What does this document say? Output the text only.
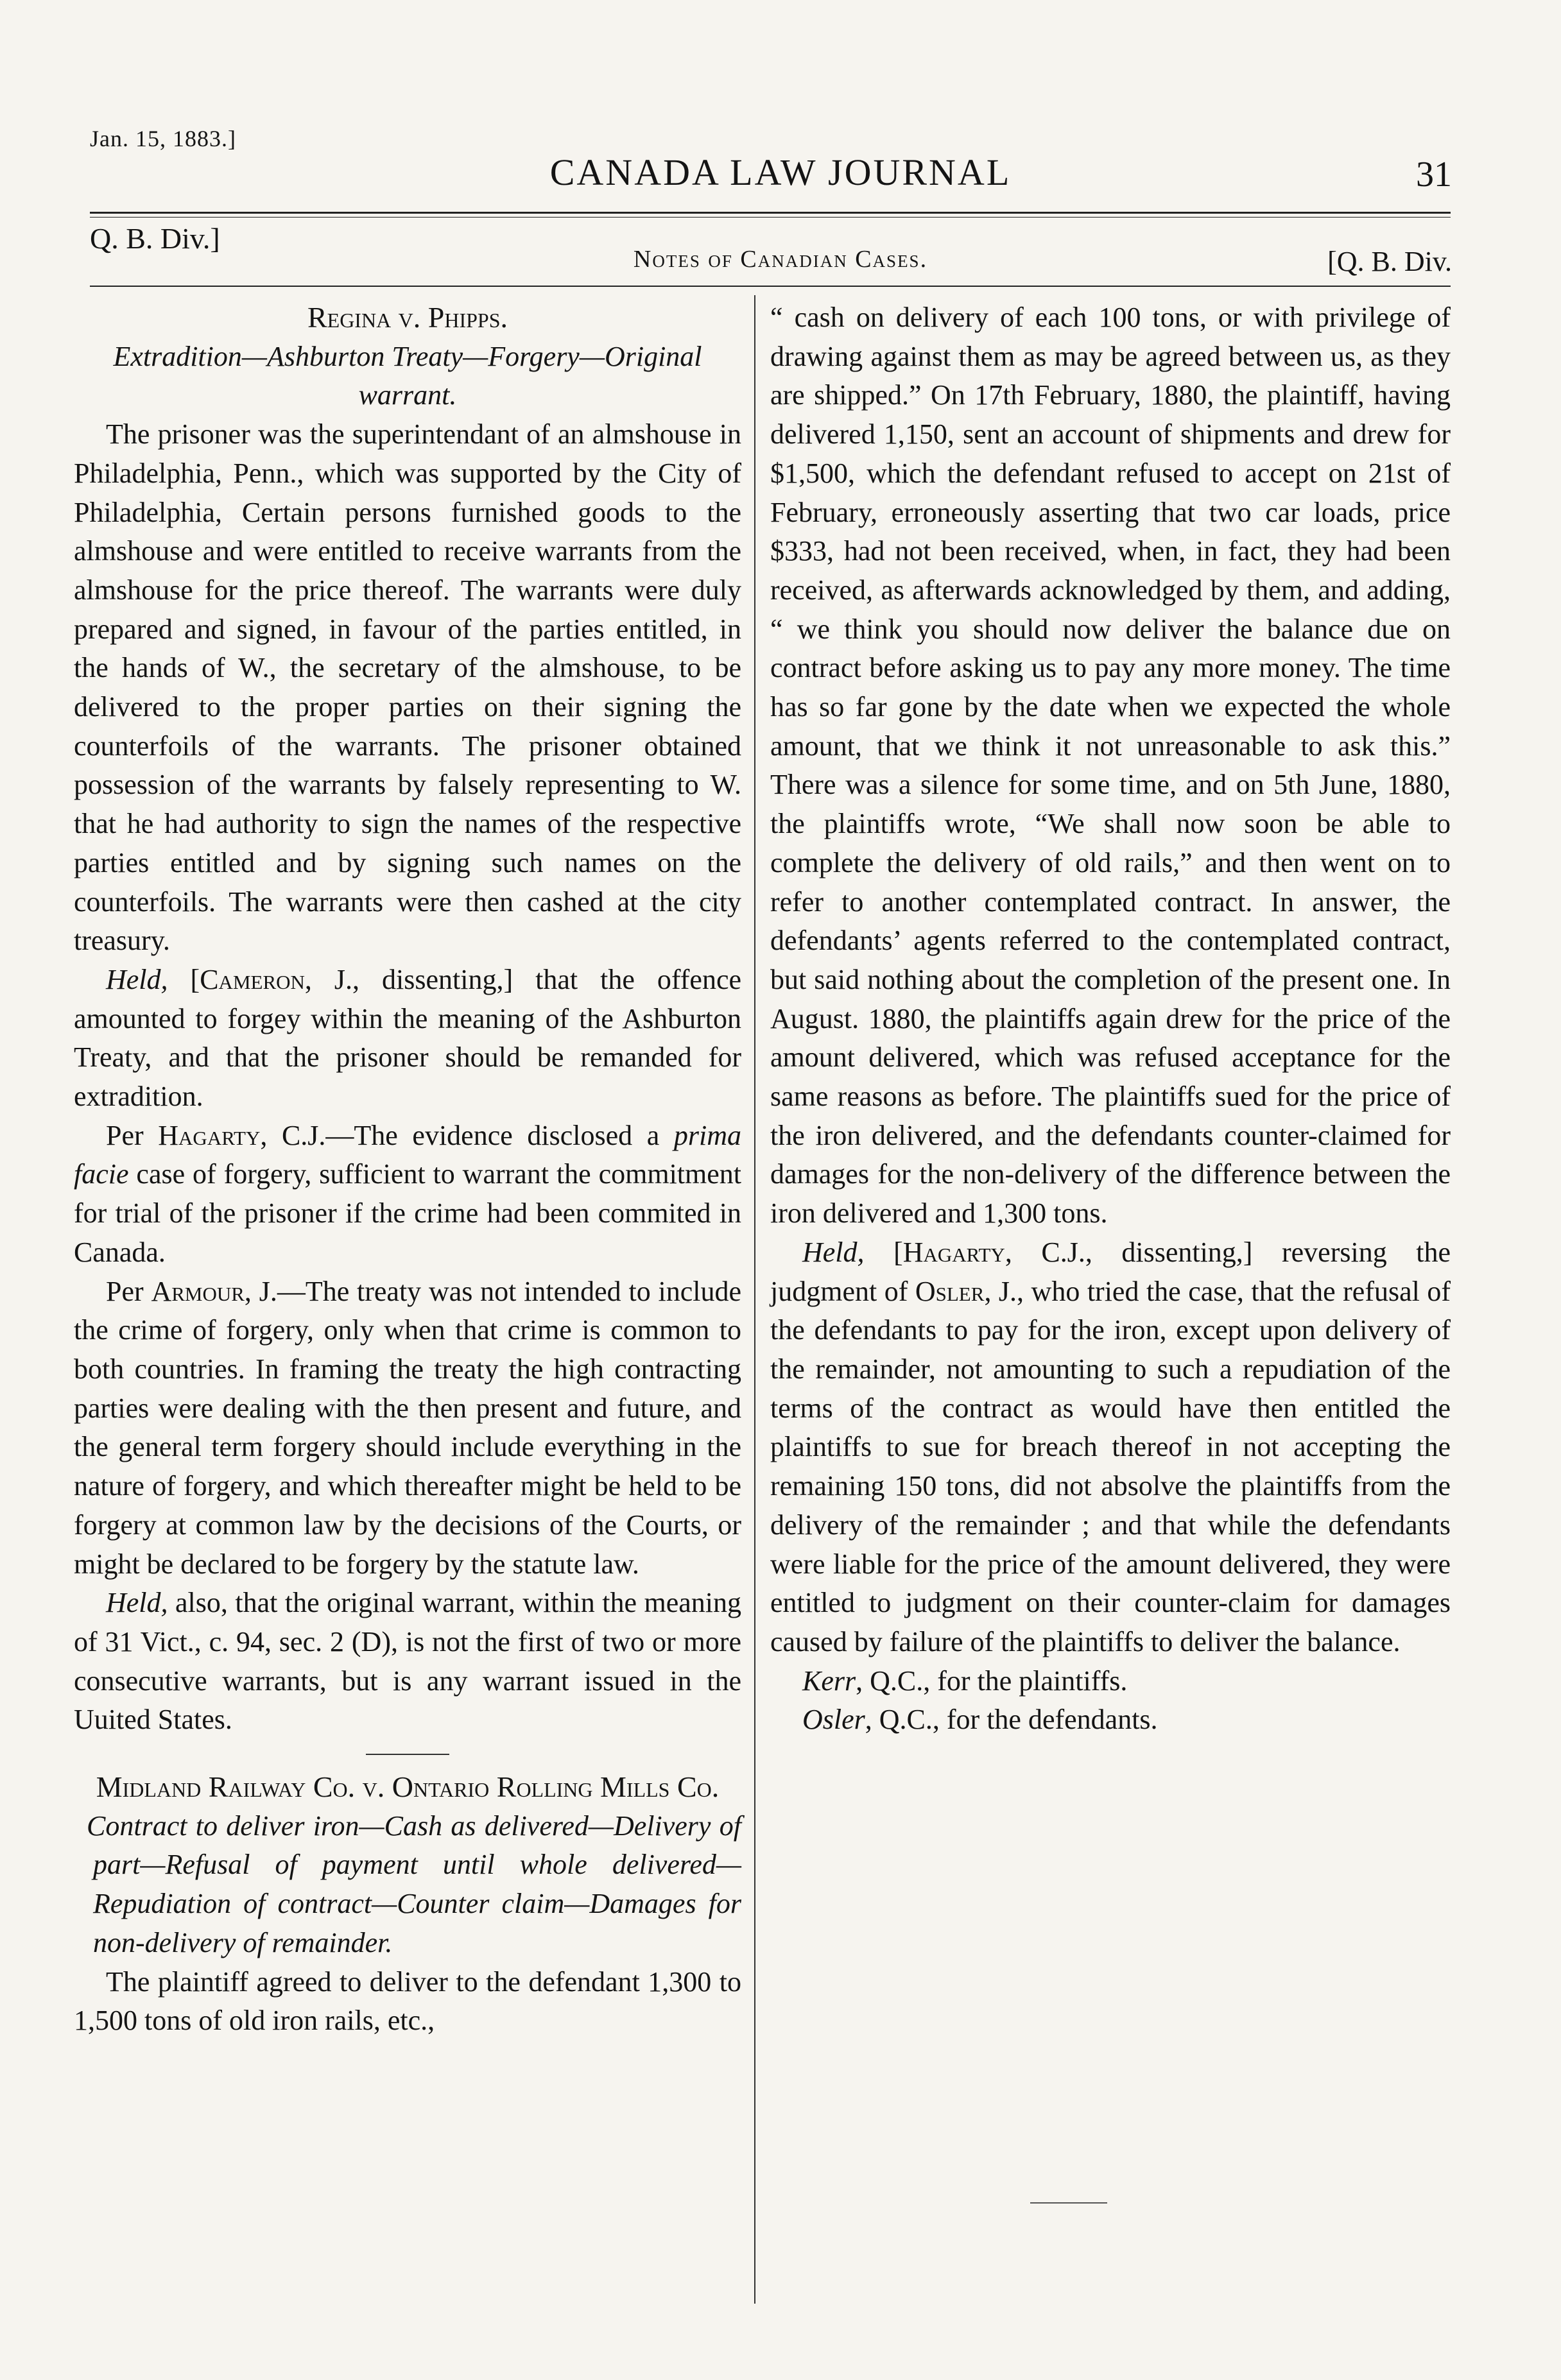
Jan. 15, 1883.]
CANADA LAW JOURNAL	31
Q. B. Div.]
Notes of Canadian Cases.	[Q. B. Div.

Regina v. Phipps.

Extradition—Ashburton Treaty—Forgery—Original warrant.

The prisoner was the superintendant of an almshouse in Philadelphia, Penn., which was supported by the City of Philadelphia, Certain persons furnished goods to the almshouse and were entitled to receive warrants from the almshouse for the price thereof. The warrants were duly prepared and signed, in favour of the parties entitled, in the hands of W., the secretary of the almshouse, to be delivered to the proper parties on their signing the counterfoils of the warrants. The prisoner obtained possession of the warrants by falsely representing to W. that he had authority to sign the names of the respective parties entitled and by signing such names on the counterfoils. The warrants were then cashed at the city treasury.

Held, [Cameron, J., dissenting,] that the offence amounted to forgey within the meaning of the Ashburton Treaty, and that the prisoner should be remanded for extradition.

Per Hagarty, C.J.—The evidence disclosed a prima facie case of forgery, sufficient to warrant the commitment for trial of the prisoner if the crime had been commited in Canada.

Per Armour, J.—The treaty was not intended to include the crime of forgery, only when that crime is common to both countries. In framing the treaty the high contracting parties were dealing with the then present and future, and the general term forgery should include everything in the nature of forgery, and which thereafter might be held to be forgery at common law by the decisions of the Courts, or might be declared to be forgery by the statute law.

Held, also, that the original warrant, within the meaning of 31 Vict., c. 94, sec. 2 (D), is not the first of two or more consecutive warrants, but is any warrant issued in the Uuited States.

Midland Railway Co. v. Ontario Rolling Mills Co.

Contract to deliver iron—Cash as delivered—Delivery of part—Refusal of payment until whole delivered—Repudiation of contract—Counter claim—Damages for non-delivery of remainder.

The plaintiff agreed to deliver to the defendant 1,300 to 1,500 tons of old iron rails, etc.,

“ cash on delivery of each 100 tons, or with privilege of drawing against them as may be agreed between us, as they are shipped.” On 17th February, 1880, the plaintiff, having delivered 1,150, sent an account of shipments and drew for $1,500, which the defendant refused to accept on 21st of February, erroneously asserting that two car loads, price $333, had not been received, when, in fact, they had been received, as afterwards acknowledged by them, and adding, “ we think you should now deliver the balance due on contract before asking us to pay any more money. The time has so far gone by the date when we expected the whole amount, that we think it not unreasonable to ask this.” There was a silence for some time, and on 5th June, 1880, the plaintiffs wrote, “We shall now soon be able to complete the delivery of old rails,” and then went on to refer to another contemplated contract. In answer, the defendants’ agents referred to the contemplated contract, but said nothing about the completion of the present one. In August. 1880, the plaintiffs again drew for the price of the amount delivered, which was refused acceptance for the same reasons as before. The plaintiffs sued for the price of the iron delivered, and the defendants counter-claimed for damages for the non-delivery of the difference between the iron delivered and 1,300 tons.

Held, [Hagarty, C.J., dissenting,] reversing the judgment of Osler, J., who tried the case, that the refusal of the defendants to pay for the iron, except upon delivery of the remainder, not amounting to such a repudiation of the terms of the contract as would have then entitled the plaintiffs to sue for breach thereof in not accepting the remaining 150 tons, did not absolve the plaintiffs from the delivery of the remainder ; and that while the defendants were liable for the price of the amount delivered, they were entitled to judgment on their counter-claim for damages caused by failure of the plaintiffs to deliver the balance.

Kerr, Q.C., for the plaintiffs.

Osler, Q.C., for the defendants.
